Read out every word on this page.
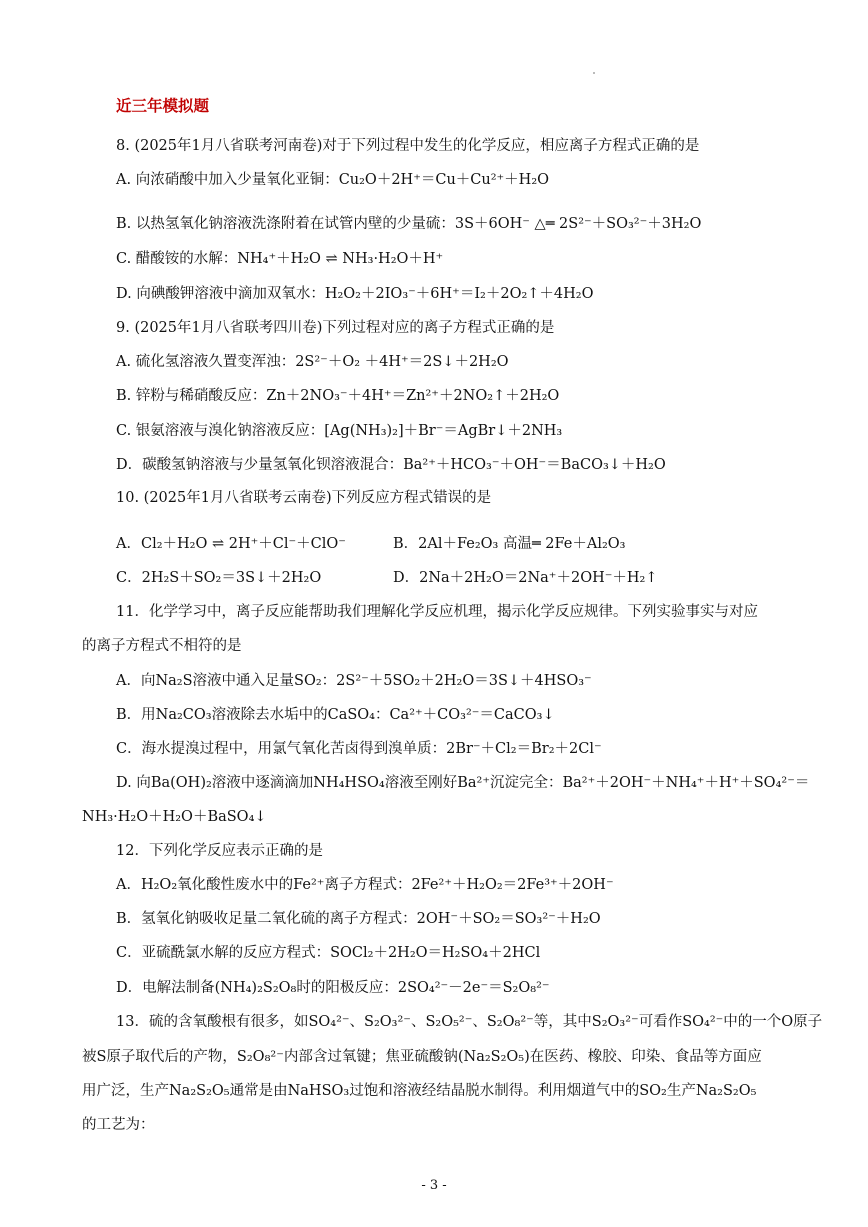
近三年模拟题
8. (2025年1月八省联考河南卷)对于下列过程中发生的化学反应，相应离子方程式正确的是
A. 向浓硝酸中加入少量氧化亚铜：Cu₂O＋2H⁺＝Cu＋Cu²⁺＋H₂O
B. 以热氢氧化钠溶液洗涤附着在试管内壁的少量硫：3S＋6OH⁻ △═ 2S²⁻＋SO₃²⁻＋3H₂O
C. 醋酸铵的水解：NH₄⁺＋H₂O ⇌ NH₃·H₂O＋H⁺
D. 向碘酸钾溶液中滴加双氧水：H₂O₂＋2IO₃⁻＋6H⁺＝I₂＋2O₂↑＋4H₂O
9. (2025年1月八省联考四川卷)下列过程对应的离子方程式正确的是
A. 硫化氢溶液久置变浑浊：2S²⁻＋O₂ ＋4H⁺＝2S↓＋2H₂O
B. 锌粉与稀硝酸反应：Zn＋2NO₃⁻＋4H⁺＝Zn²⁺＋2NO₂↑＋2H₂O
C. 银氨溶液与溴化钠溶液反应：[Ag(NH₃)₂]＋Br⁻＝AgBr↓＋2NH₃
D．碳酸氢钠溶液与少量氢氧化钡溶液混合：Ba²⁺＋HCO₃⁻＋OH⁻＝BaCO₃↓＋H₂O
10. (2025年1月八省联考云南卷)下列反应方程式错误的是
A．Cl₂＋H₂O ⇌ 2H⁺＋Cl⁻＋ClO⁻	B．2Al＋Fe₂O₃ 高温═ 2Fe＋Al₂O₃
C．2H₂S＋SO₂＝3S↓＋2H₂O	D．2Na＋2H₂O＝2Na⁺＋2OH⁻＋H₂↑
11．化学学习中，离子反应能帮助我们理解化学反应机理，揭示化学反应规律。下列实验事实与对应
的离子方程式不相符的是
A．向Na₂S溶液中通入足量SO₂：2S²⁻＋5SO₂＋2H₂O＝3S↓＋4HSO₃⁻
B．用Na₂CO₃溶液除去水垢中的CaSO₄：Ca²⁺＋CO₃²⁻＝CaCO₃↓
C．海水提溴过程中，用氯气氧化苦卤得到溴单质：2Br⁻＋Cl₂＝Br₂＋2Cl⁻
D. 向Ba(OH)₂溶液中逐滴滴加NH₄HSO₄溶液至刚好Ba²⁺沉淀完全：Ba²⁺＋2OH⁻＋NH₄⁺＋H⁺＋SO₄²⁻＝
NH₃·H₂O＋H₂O＋BaSO₄↓
12．下列化学反应表示正确的是
A．H₂O₂氧化酸性废水中的Fe²⁺离子方程式：2Fe²⁺＋H₂O₂＝2Fe³⁺＋2OH⁻
B．氢氧化钠吸收足量二氧化硫的离子方程式：2OH⁻＋SO₂＝SO₃²⁻＋H₂O
C．亚硫酰氯水解的反应方程式：SOCl₂＋2H₂O＝H₂SO₄＋2HCl
D．电解法制备(NH₄)₂S₂O₈时的阳极反应：2SO₄²⁻－2e⁻＝S₂O₈²⁻
13．硫的含氧酸根有很多，如SO₄²⁻、S₂O₃²⁻、S₂O₅²⁻、S₂O₈²⁻等，其中S₂O₃²⁻可看作SO₄²⁻中的一个O原子
被S原子取代后的产物，S₂O₈²⁻内部含过氧键；焦亚硫酸钠(Na₂S₂O₅)在医药、橡胶、印染、食品等方面应
用广泛，生产Na₂S₂O₅通常是由NaHSO₃过饱和溶液经结晶脱水制得。利用烟道气中的SO₂生产Na₂S₂O₅
的工艺为：
- 3 -
